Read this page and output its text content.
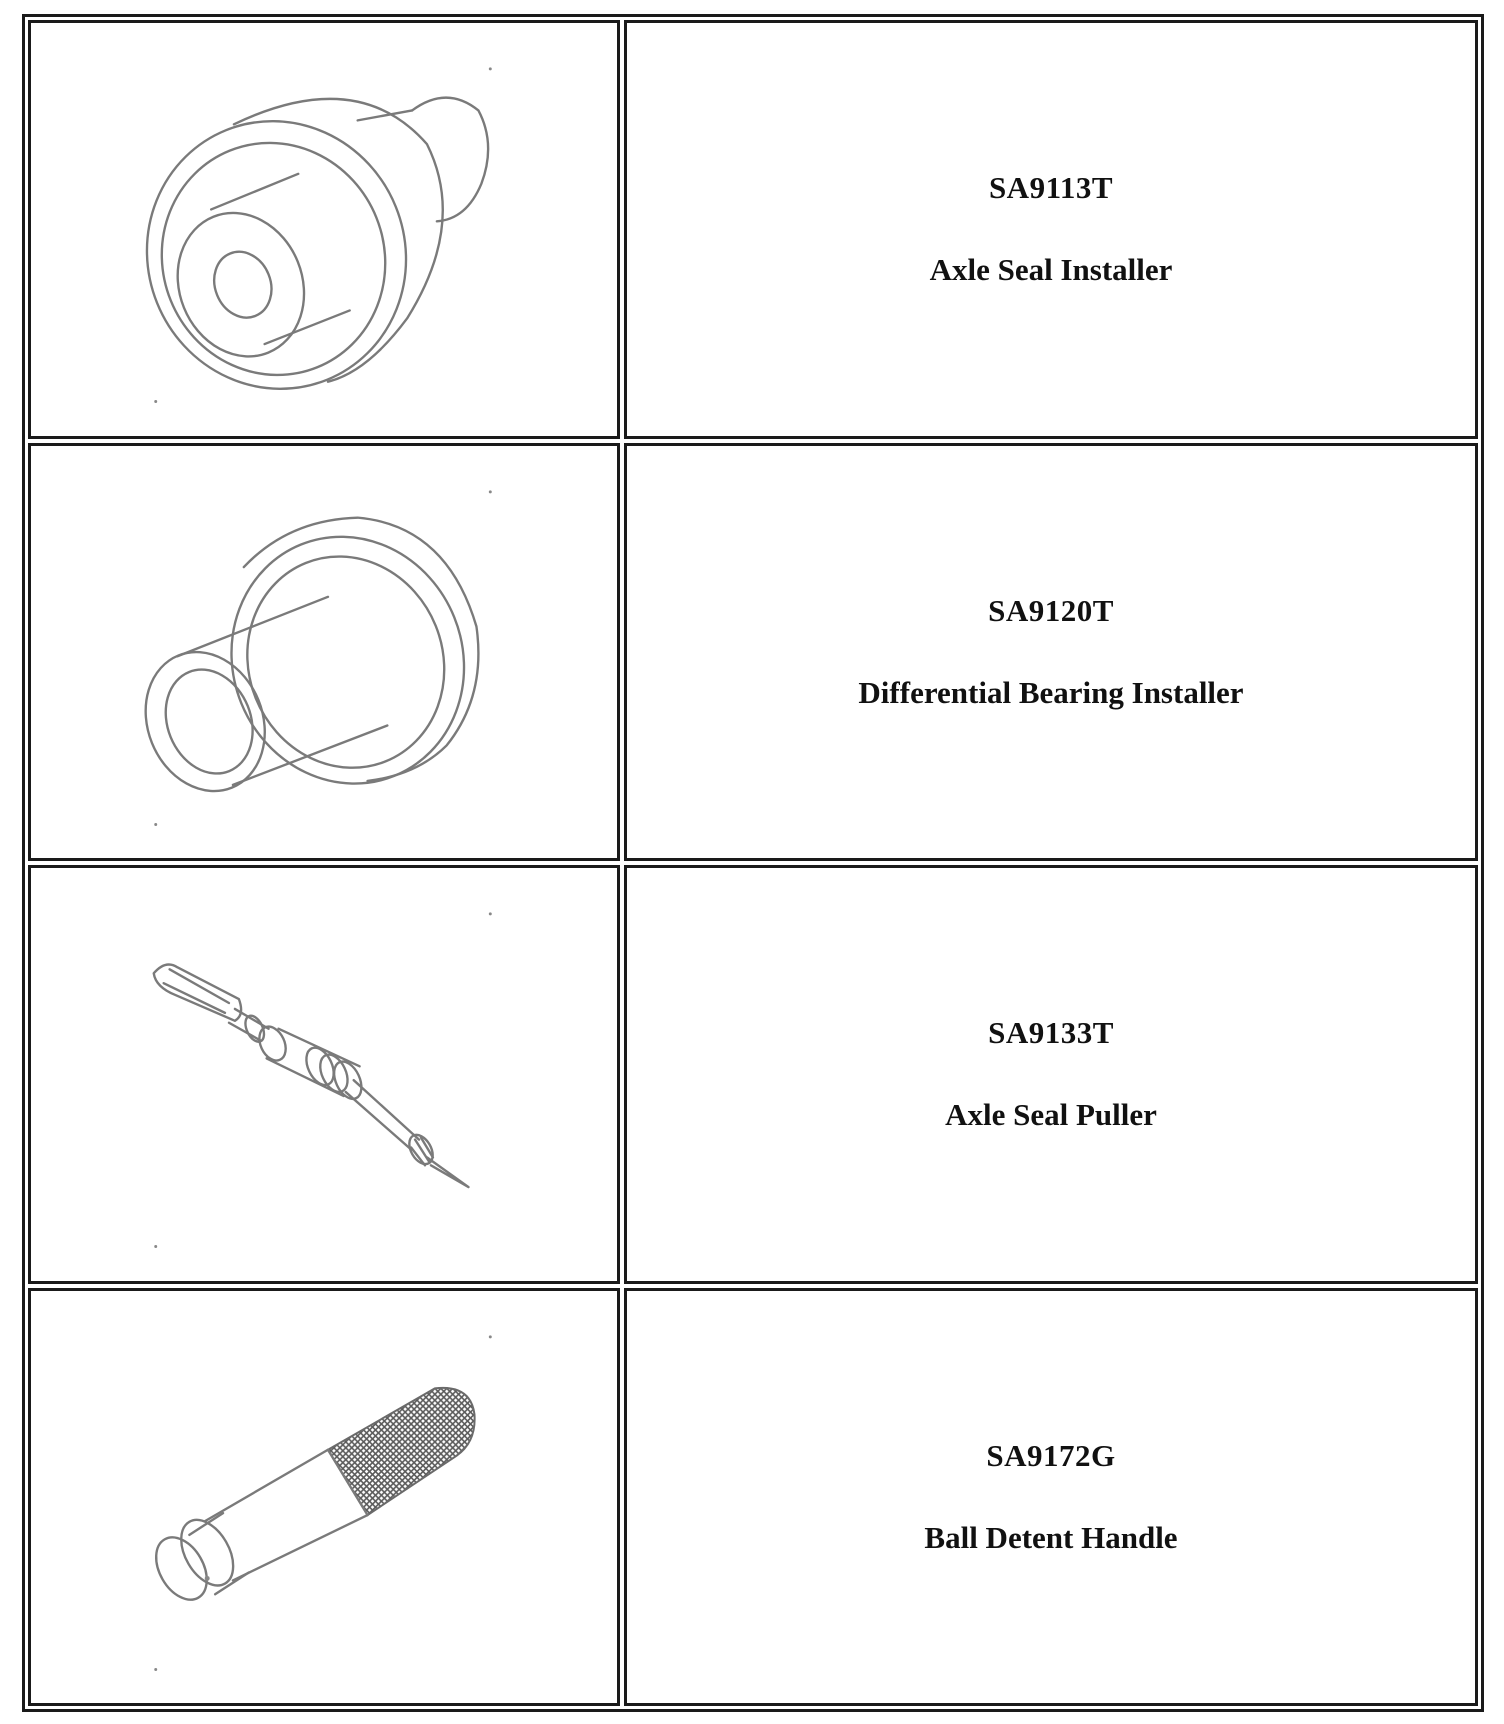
SA9113T

Axle Seal Installer

SA9120T

Differential Bearing Installer

SA9133T

Axle Seal Puller

SA9172G

Ball Detent Handle
